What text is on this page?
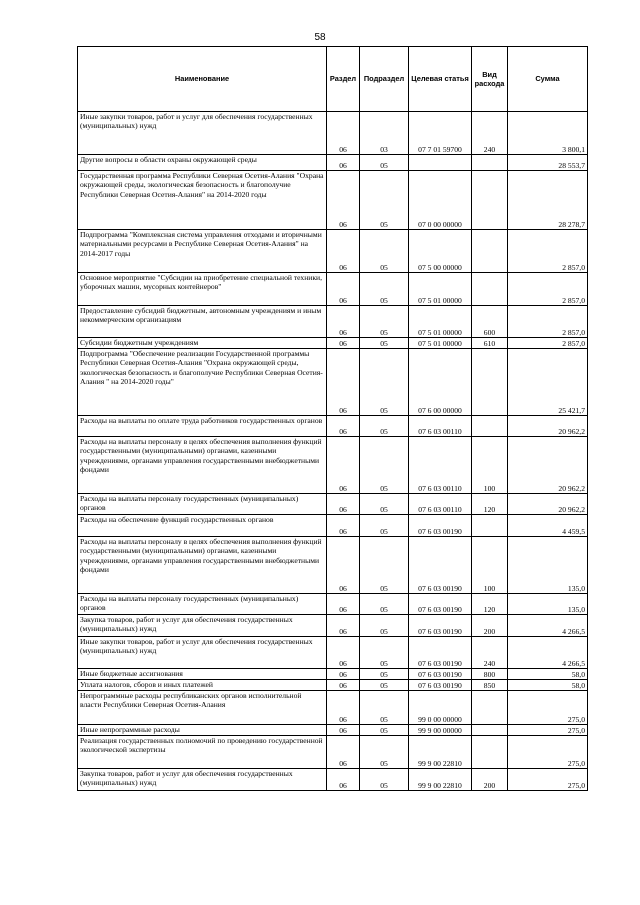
58
Наименование	Раздел	Подраздел	Целевая статья	Вид расхода	Сумма
Иные закупки товаров, работ и услуг для обеспечения государственных (муниципальных) нужд	06	03	07 7 01 59700	240	3 800,1
Другие вопросы в области охраны окружающей среды	06	05			28 553,7
Государственная программа Республики Северная Осетия-Алания "Охрана окружающей среды, экологическая безопасность и благополучие Республики Северная Осетия-Алания" на 2014-2020 годы	06	05	07 0 00 00000		28 278,7
Подпрограмма "Комплексная система управления отходами и вторичными материальными ресурсами в Республике Северная Осетия-Алания" на 2014-2017 годы	06	05	07 5 00 00000		2 857,0
Основное мероприятие "Субсидии на приобретение специальной техники, уборочных машин, мусорных контейнеров"	06	05	07 5 01 00000		2 857,0
Предоставление субсидий бюджетным, автономным учреждениям и иным некоммерческим организациям	06	05	07 5 01 00000	600	2 857,0
Субсидии бюджетным учреждениям	06	05	07 5 01 00000	610	2 857,0
Подпрограмма "Обеспечение реализации Государственной программы Республики Северная Осетия-Алания "Охрана окружающей среды, экологическая безопасность и благополучие Республики Северная Осетия-Алания " на 2014-2020 годы"	06	05	07 6 00 00000		25 421,7
Расходы на выплаты по оплате труда работников государственных органов	06	05	07 6 03 00110		20 962,2
Расходы на выплаты персоналу в целях обеспечения выполнения функций государственными (муниципальными) органами, казенными учреждениями, органами управления государственными внебюджетными фондами	06	05	07 6 03 00110	100	20 962,2
Расходы на выплаты персоналу государственных (муниципальных) органов	06	05	07 6 03 00110	120	20 962,2
Расходы на обеспечение функций государственных органов	06	05	07 6 03 00190		4 459,5
Расходы на выплаты персоналу в целях обеспечения выполнения функций государственными (муниципальными) органами, казенными учреждениями, органами управления государственными внебюджетными фондами	06	05	07 6 03 00190	100	135,0
Расходы на выплаты персоналу государственных (муниципальных) органов	06	05	07 6 03 00190	120	135,0
Закупка товаров, работ и услуг для обеспечения государственных (муниципальных) нужд	06	05	07 6 03 00190	200	4 266,5
Иные закупки товаров, работ и услуг для обеспечения государственных (муниципальных) нужд	06	05	07 6 03 00190	240	4 266,5
Иные бюджетные ассигнования	06	05	07 6 03 00190	800	58,0
Уплата налогов, сборов и иных платежей	06	05	07 6 03 00190	850	58,0
Непрограммные расходы республиканских органов исполнительной власти Республики Северная Осетия-Алания	06	05	99 0 00 00000		275,0
Иные непрограммные расходы	06	05	99 9 00 00000		275,0
Реализация государственных полномочий по проведению государственной экологической экспертизы	06	05	99 9 00 22810		275,0
Закупка товаров, работ и услуг для обеспечения государственных (муниципальных) нужд	06	05	99 9 00 22810	200	275,0
